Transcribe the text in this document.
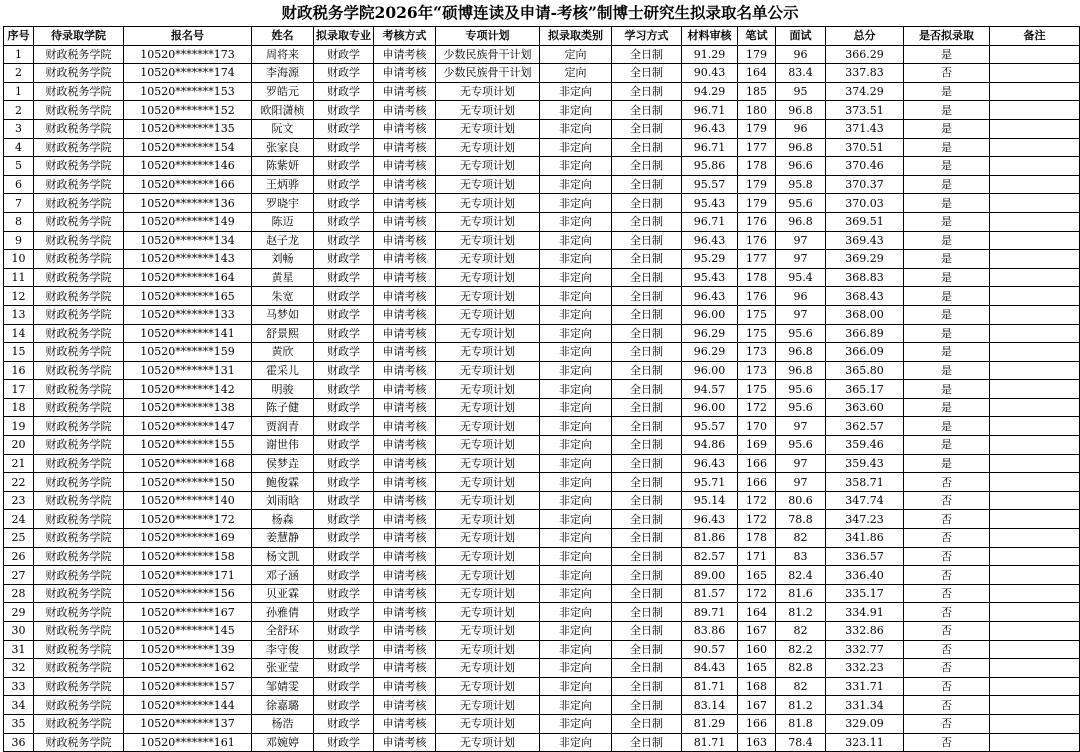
财政税务学院2026年“硕博连读及申请-考核”制博士研究生拟录取名单公示
序号	待录取学院	报名号	姓名	拟录取专业	考核方式	专项计划	拟录取类别	学习方式	材料审核	笔试	面试	总分	是否拟录取	备注
1	财政税务学院	10520*******173	周将来	财政学	申请考核	少数民族骨干计划	定向	全日制	91.29	179	96	366.29	是	
2	财政税务学院	10520*******174	李海源	财政学	申请考核	少数民族骨干计划	定向	全日制	90.43	164	83.4	337.83	否	
1	财政税务学院	10520*******153	罗皓元	财政学	申请考核	无专项计划	非定向	全日制	94.29	185	95	374.29	是	
2	财政税务学院	10520*******152	欧阳潇桢	财政学	申请考核	无专项计划	非定向	全日制	96.71	180	96.8	373.51	是	
3	财政税务学院	10520*******135	阮文	财政学	申请考核	无专项计划	非定向	全日制	96.43	179	96	371.43	是	
4	财政税务学院	10520*******154	张家良	财政学	申请考核	无专项计划	非定向	全日制	96.71	177	96.8	370.51	是	
5	财政税务学院	10520*******146	陈紫妍	财政学	申请考核	无专项计划	非定向	全日制	95.86	178	96.6	370.46	是	
6	财政税务学院	10520*******166	王炳骅	财政学	申请考核	无专项计划	非定向	全日制	95.57	179	95.8	370.37	是	
7	财政税务学院	10520*******136	罗晓宇	财政学	申请考核	无专项计划	非定向	全日制	95.43	179	95.6	370.03	是	
8	财政税务学院	10520*******149	陈迈	财政学	申请考核	无专项计划	非定向	全日制	96.71	176	96.8	369.51	是	
9	财政税务学院	10520*******134	赵子龙	财政学	申请考核	无专项计划	非定向	全日制	96.43	176	97	369.43	是	
10	财政税务学院	10520*******143	刘畅	财政学	申请考核	无专项计划	非定向	全日制	95.29	177	97	369.29	是	
11	财政税务学院	10520*******164	黄星	财政学	申请考核	无专项计划	非定向	全日制	95.43	178	95.4	368.83	是	
12	财政税务学院	10520*******165	朱宽	财政学	申请考核	无专项计划	非定向	全日制	96.43	176	96	368.43	是	
13	财政税务学院	10520*******133	马梦如	财政学	申请考核	无专项计划	非定向	全日制	96.00	175	97	368.00	是	
14	财政税务学院	10520*******141	舒景熙	财政学	申请考核	无专项计划	非定向	全日制	96.29	175	95.6	366.89	是	
15	财政税务学院	10520*******159	黄欣	财政学	申请考核	无专项计划	非定向	全日制	96.29	173	96.8	366.09	是	
16	财政税务学院	10520*******131	霍采儿	财政学	申请考核	无专项计划	非定向	全日制	96.00	173	96.8	365.80	是	
17	财政税务学院	10520*******142	明骏	财政学	申请考核	无专项计划	非定向	全日制	94.57	175	95.6	365.17	是	
18	财政税务学院	10520*******138	陈子健	财政学	申请考核	无专项计划	非定向	全日制	96.00	172	95.6	363.60	是	
19	财政税务学院	10520*******147	贾润青	财政学	申请考核	无专项计划	非定向	全日制	95.57	170	97	362.57	是	
20	财政税务学院	10520*******155	谢世伟	财政学	申请考核	无专项计划	非定向	全日制	94.86	169	95.6	359.46	是	
21	财政税务学院	10520*******168	侯梦垚	财政学	申请考核	无专项计划	非定向	全日制	96.43	166	97	359.43	是	
22	财政税务学院	10520*******150	鲍俊霖	财政学	申请考核	无专项计划	非定向	全日制	95.71	166	97	358.71	否	
23	财政税务学院	10520*******140	刘雨晗	财政学	申请考核	无专项计划	非定向	全日制	95.14	172	80.6	347.74	否	
24	财政税务学院	10520*******172	杨森	财政学	申请考核	无专项计划	非定向	全日制	96.43	172	78.8	347.23	否	
25	财政税务学院	10520*******169	姜慧静	财政学	申请考核	无专项计划	非定向	全日制	81.86	178	82	341.86	否	
26	财政税务学院	10520*******158	杨文凯	财政学	申请考核	无专项计划	非定向	全日制	82.57	171	83	336.57	否	
27	财政税务学院	10520*******171	邓子涵	财政学	申请考核	无专项计划	非定向	全日制	89.00	165	82.4	336.40	否	
28	财政税务学院	10520*******156	贝亚霖	财政学	申请考核	无专项计划	非定向	全日制	81.57	172	81.6	335.17	否	
29	财政税务学院	10520*******167	孙雅倩	财政学	申请考核	无专项计划	非定向	全日制	89.71	164	81.2	334.91	否	
30	财政税务学院	10520*******145	全舒环	财政学	申请考核	无专项计划	非定向	全日制	83.86	167	82	332.86	否	
31	财政税务学院	10520*******139	李守俊	财政学	申请考核	无专项计划	非定向	全日制	90.57	160	82.2	332.77	否	
32	财政税务学院	10520*******162	张亚莹	财政学	申请考核	无专项计划	非定向	全日制	84.43	165	82.8	332.23	否	
33	财政税务学院	10520*******157	邹婧雯	财政学	申请考核	无专项计划	非定向	全日制	81.71	168	82	331.71	否	
34	财政税务学院	10520*******144	徐嘉璐	财政学	申请考核	无专项计划	非定向	全日制	83.14	167	81.2	331.34	否	
35	财政税务学院	10520*******137	杨浩	财政学	申请考核	无专项计划	非定向	全日制	81.29	166	81.8	329.09	否	
36	财政税务学院	10520*******161	邓婉婷	财政学	申请考核	无专项计划	非定向	全日制	81.71	163	78.4	323.11	否	
